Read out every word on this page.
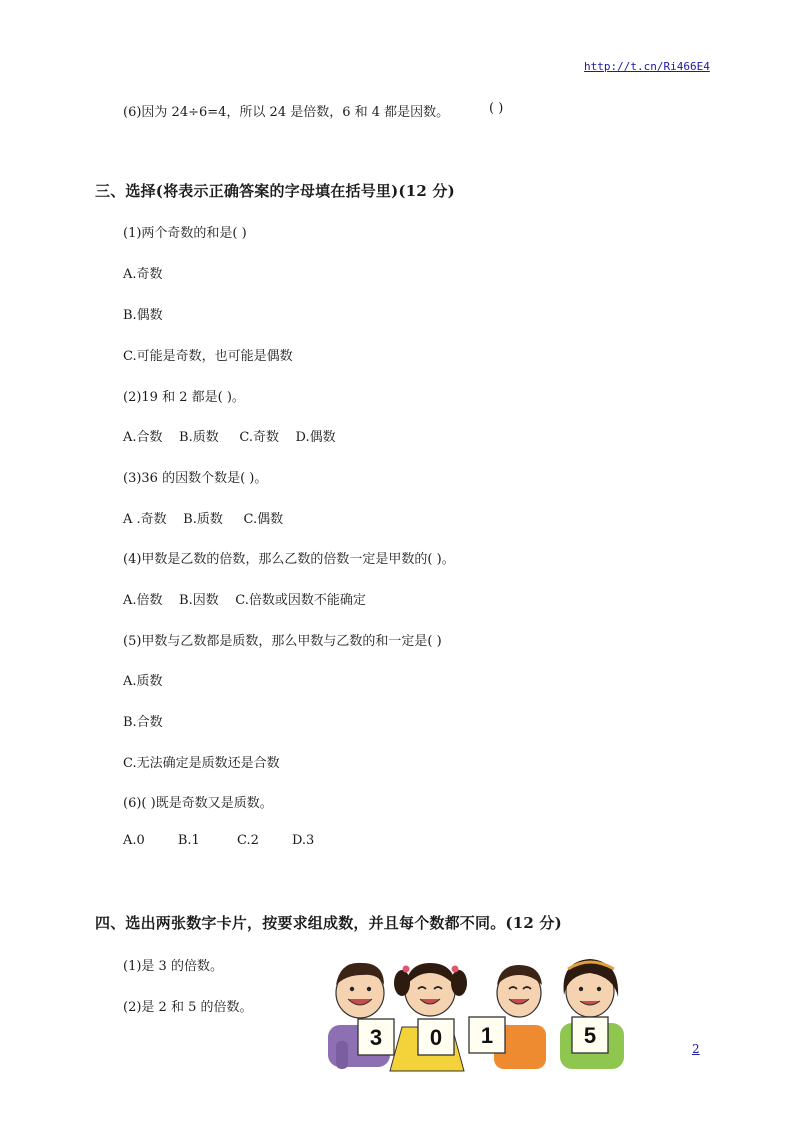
http://t.cn/Ri466E4
(6)因为 24÷6=4，所以 24 是倍数，6 和 4 都是因数。	( )
三、选择(将表示正确答案的字母填在括号里)(12 分)
(1)两个奇数的和是( )
A.奇数
B.偶数
C.可能是奇数，也可能是偶数
(2)19 和 2 都是( )。
A.合数    B.质数     C.奇数    D.偶数
(3)36 的因数个数是( )。
A .奇数    B.质数     C.偶数
(4)甲数是乙数的倍数，那么乙数的倍数一定是甲数的( )。
A.倍数    B.因数    C.倍数或因数不能确定
(5)甲数与乙数都是质数，那么甲数与乙数的和一定是( )
A.质数
B.合数
C.无法确定是质数还是合数
(6)( )既是奇数又是质数。
A.0        B.1         C.2        D.3
四、选出两张数字卡片，按要求组成数，并且每个数都不同。(12 分)
(1)是 3 的倍数。
(2)是 2 和 5 的倍数。
3 0 1	5
2
